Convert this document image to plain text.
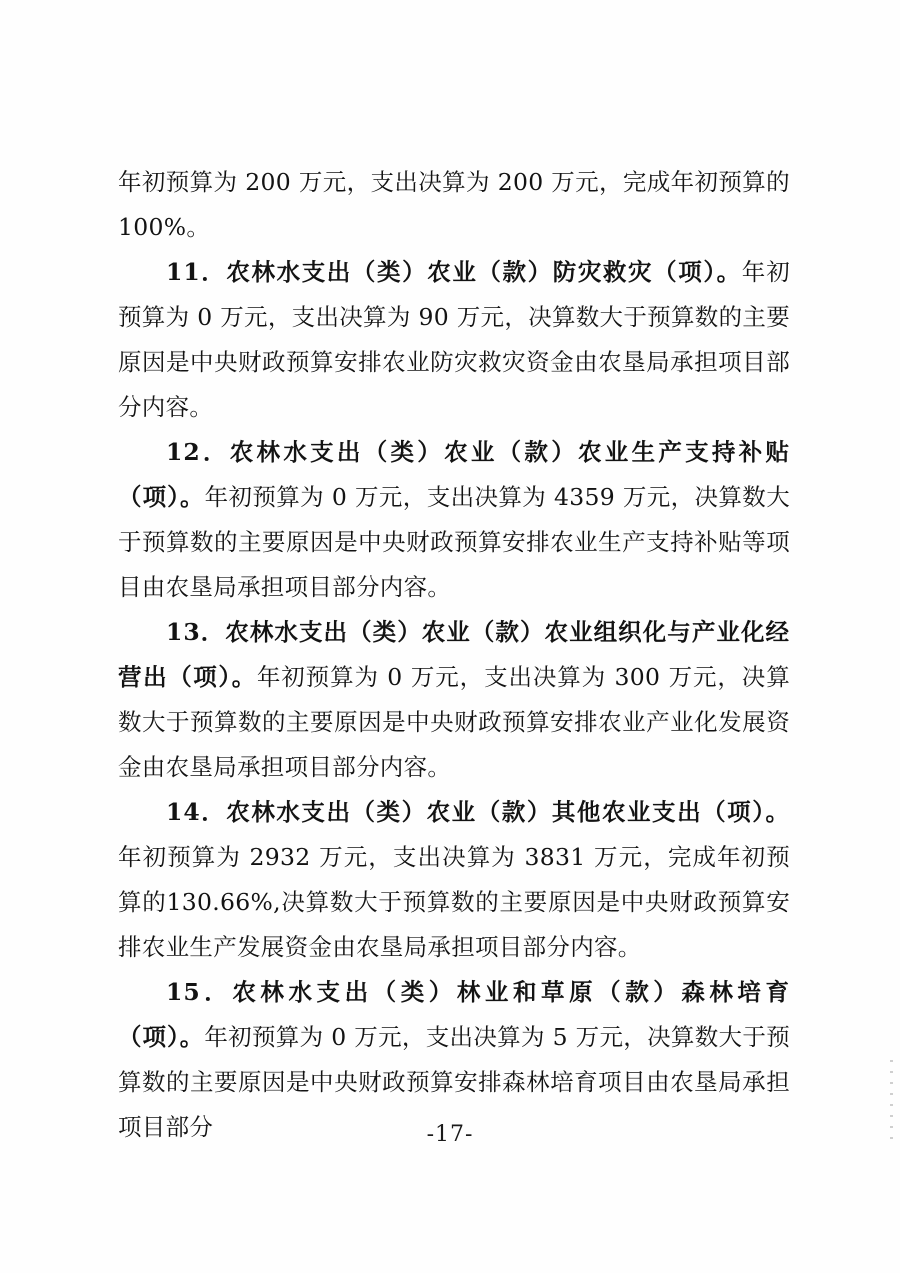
年初预算为 200 万元，支出决算为 200 万元，完成年初预算的100%。

11．农林水支出（类）农业（款）防灾救灾（项）。年初预算为 0 万元，支出决算为 90 万元，决算数大于预算数的主要原因是中央财政预算安排农业防灾救灾资金由农垦局承担项目部分内容。

12．农林水支出（类）农业（款）农业生产支持补贴（项）。年初预算为 0 万元，支出决算为 4359 万元，决算数大于预算数的主要原因是中央财政预算安排农业生产支持补贴等项目由农垦局承担项目部分内容。

13．农林水支出（类）农业（款）农业组织化与产业化经营出（项）。年初预算为 0 万元，支出决算为 300 万元，决算数大于预算数的主要原因是中央财政预算安排农业产业化发展资金由农垦局承担项目部分内容。

14．农林水支出（类）农业（款）其他农业支出（项）。年初预算为 2932 万元，支出决算为 3831 万元，完成年初预算的130.66%,决算数大于预算数的主要原因是中央财政预算安排农业生产发展资金由农垦局承担项目部分内容。

15．农林水支出（类）林业和草原（款）森林培育（项）。年初预算为 0 万元，支出决算为 5 万元，决算数大于预算数的主要原因是中央财政预算安排森林培育项目由农垦局承担项目部分	-17-
